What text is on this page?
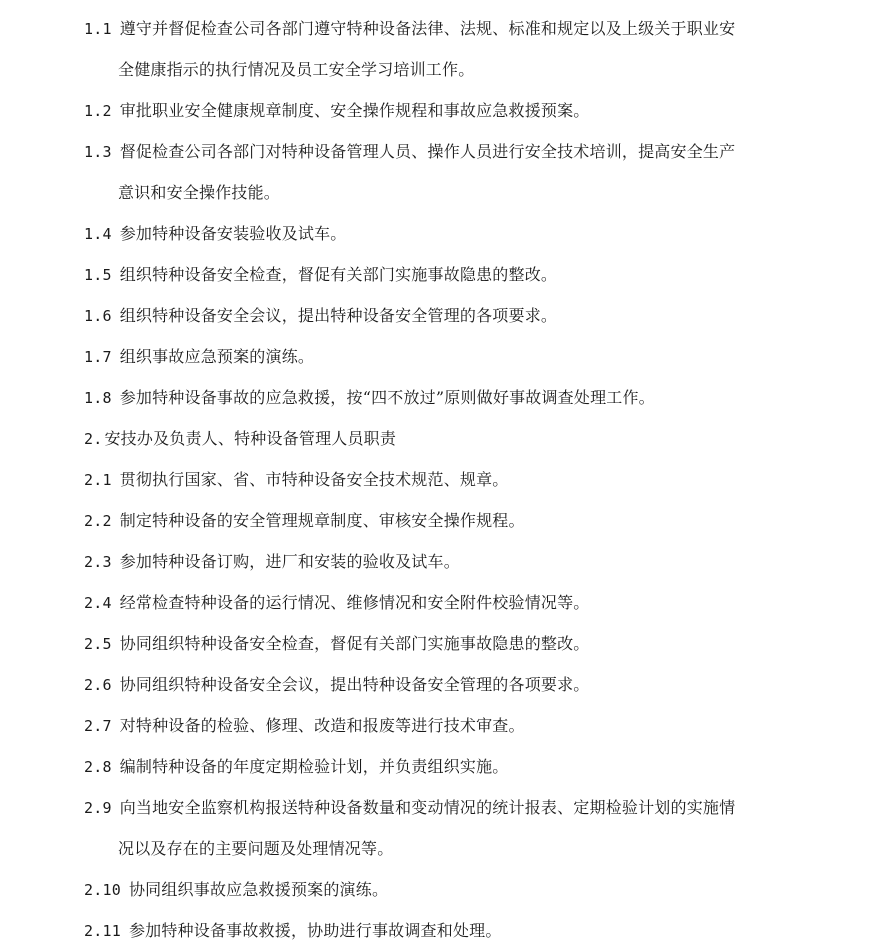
1.1 遵守并督促检查公司各部门遵守特种设备法律、法规、标准和规定以及上级关于职业安
全健康指示的执行情况及员工安全学习培训工作。
1.2 审批职业安全健康规章制度、安全操作规程和事故应急救援预案。
1.3 督促检查公司各部门对特种设备管理人员、操作人员进行安全技术培训，提高安全生产
意识和安全操作技能。
1.4 参加特种设备安装验收及试车。
1.5 组织特种设备安全检查，督促有关部门实施事故隐患的整改。
1.6 组织特种设备安全会议，提出特种设备安全管理的各项要求。
1.7 组织事故应急预案的演练。
1.8 参加特种设备事故的应急救援，按“四不放过”原则做好事故调查处理工作。
2. 安技办及负责人、特种设备管理人员职责
2.1 贯彻执行国家、省、市特种设备安全技术规范、规章。
2.2 制定特种设备的安全管理规章制度、审核安全操作规程。
2.3 参加特种设备订购，进厂和安装的验收及试车。
2.4 经常检查特种设备的运行情况、维修情况和安全附件校验情况等。
2.5 协同组织特种设备安全检查，督促有关部门实施事故隐患的整改。
2.6 协同组织特种设备安全会议，提出特种设备安全管理的各项要求。
2.7 对特种设备的检验、修理、改造和报废等进行技术审查。
2.8 编制特种设备的年度定期检验计划，并负责组织实施。
2.9 向当地安全监察机构报送特种设备数量和变动情况的统计报表、定期检验计划的实施情
况以及存在的主要问题及处理情况等。
2.10 协同组织事故应急救援预案的演练。
2.11 参加特种设备事故救援，协助进行事故调查和处理。
